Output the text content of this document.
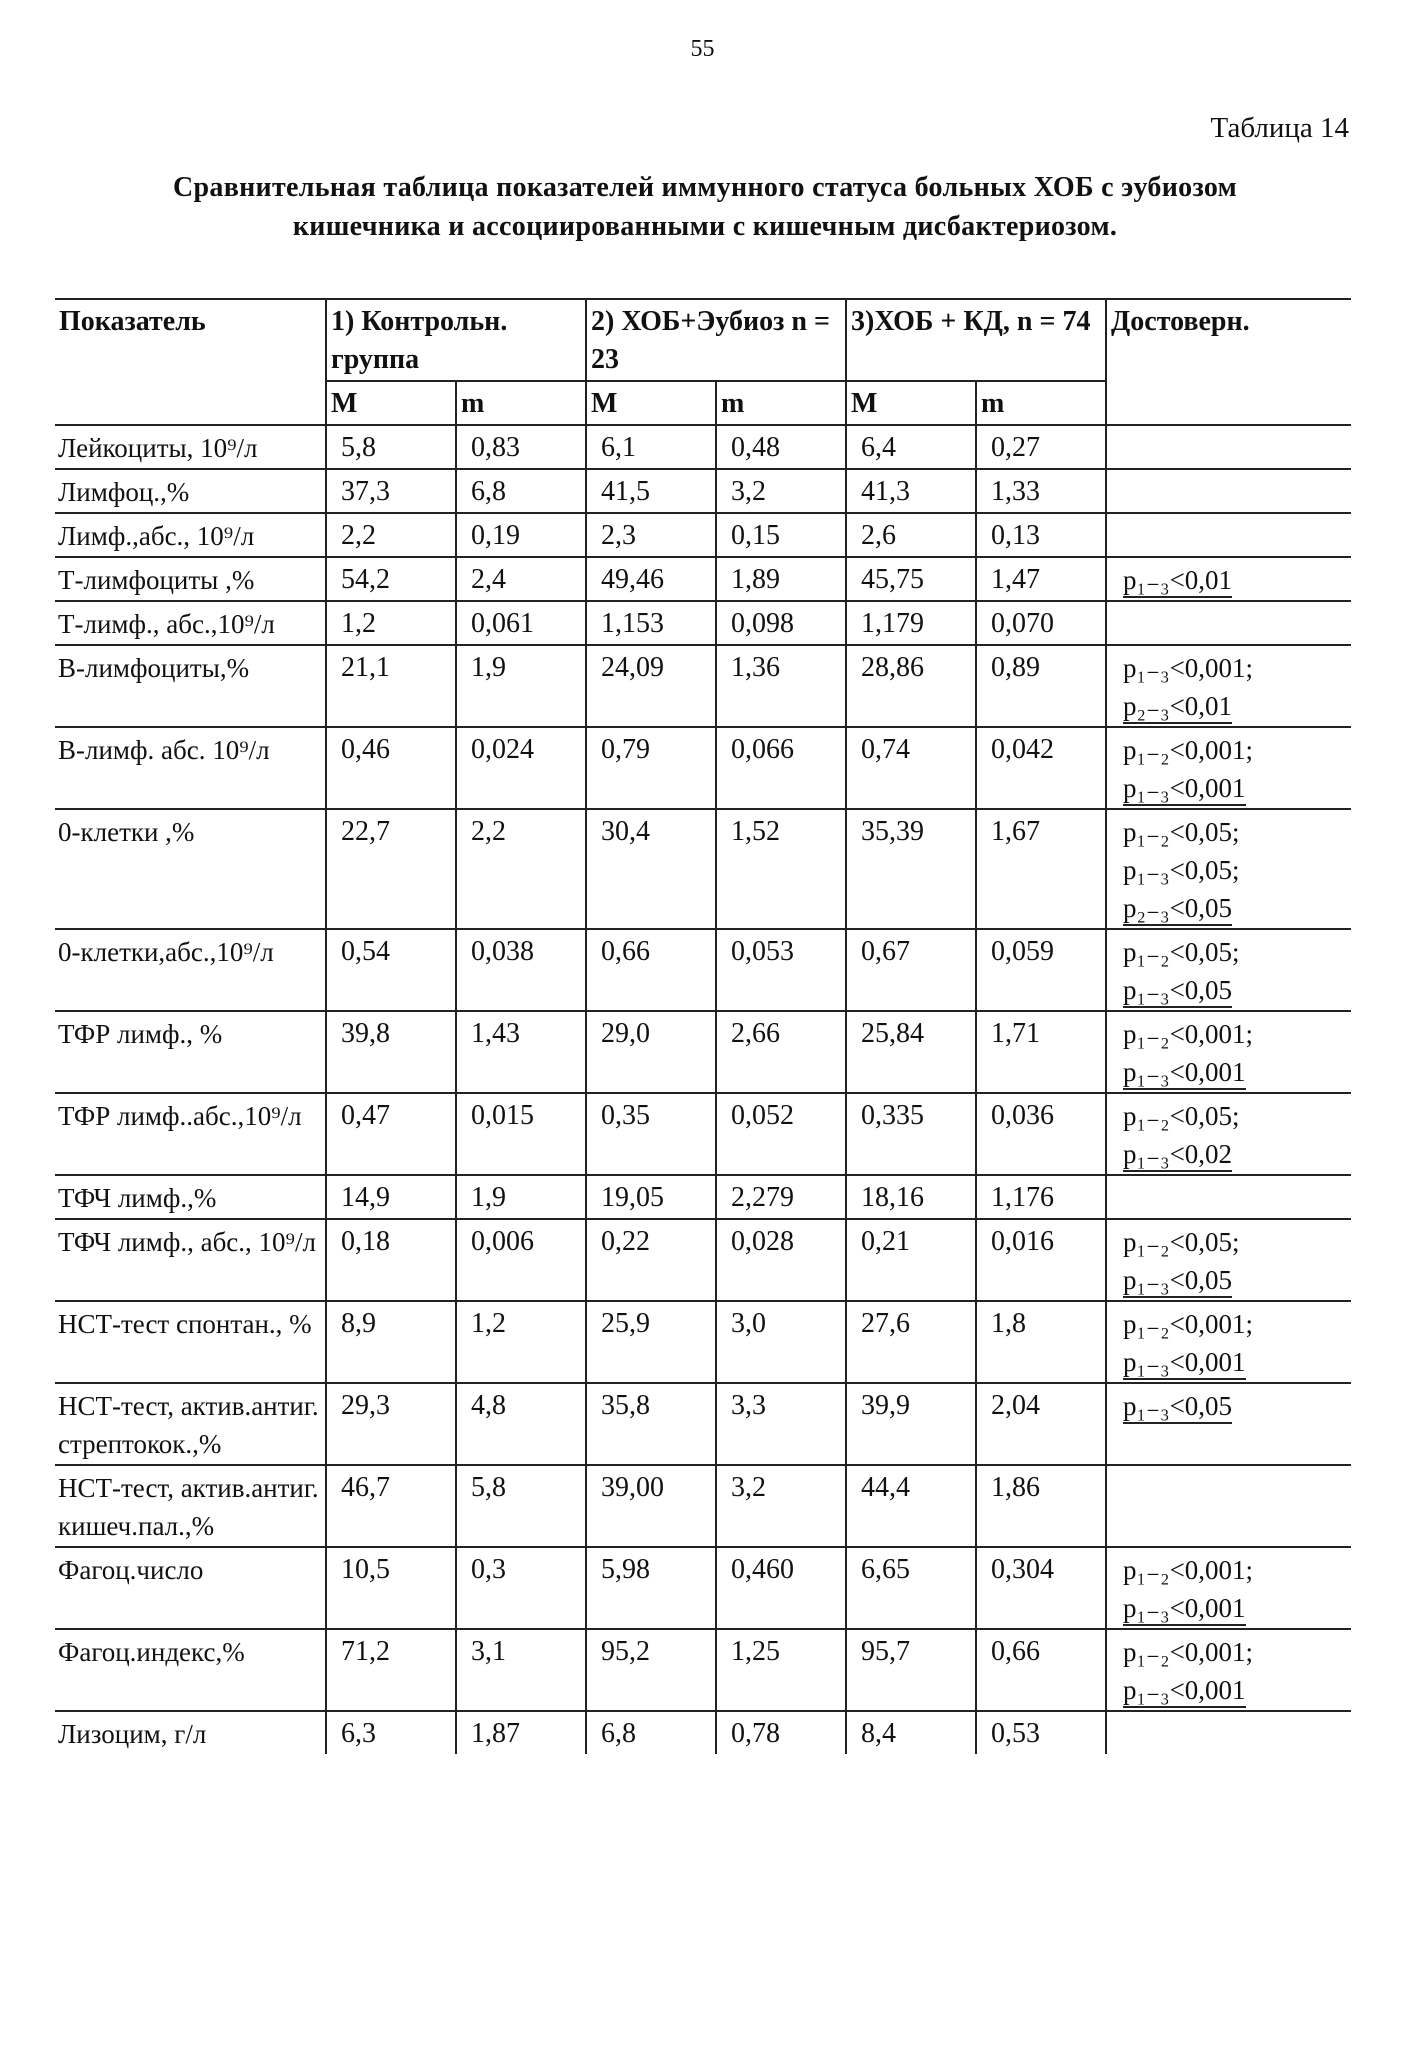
55
Таблица 14
Сравнительная таблица показателей иммунного статуса больных ХОБ с эубиозом
кишечника и ассоциированными с кишечным дисбактериозом.
Показатель	1) Контрольн. группа		2) ХОБ+Эубиоз n = 23		3)ХОБ + КД, n = 74		Достоверн.
	M	m	M	m	M	m	
Лейкоциты, 10⁹/л	5,8	0,83	6,1	0,48	6,4	0,27	
Лимфоц.,%	37,3	6,8	41,5	3,2	41,3	1,33	
Лимф.,абс., 10⁹/л	2,2	0,19	2,3	0,15	2,6	0,13	
Т-лимфоциты ,%	54,2	2,4	49,46	1,89	45,75	1,47	p₁₋₃<0,01

Т-лимф., абс.,10⁹/л	1,2	0,061	1,153	0,098	1,179	0,070	
В-лимфоциты,%	21,1	1,9	24,09	1,36	28,86	0,89	p₁₋₃<0,001;
p₂₋₃<0,01

В-лимф. абс. 10⁹/л	0,46	0,024	0,79	0,066	0,74	0,042	p₁₋₂<0,001;
p₁₋₃<0,001

0-клетки ,%	22,7	2,2	30,4	1,52	35,39	1,67	p₁₋₂<0,05;
p₁₋₃<0,05;
p₂₋₃<0,05

0-клетки,абс.,10⁹/л	0,54	0,038	0,66	0,053	0,67	0,059	p₁₋₂<0,05;
p₁₋₃<0,05

ТФР лимф., %	39,8	1,43	29,0	2,66	25,84	1,71	p₁₋₂<0,001;
p₁₋₃<0,001

ТФР лимф..абс.,10⁹/л	0,47	0,015	0,35	0,052	0,335	0,036	p₁₋₂<0,05;
p₁₋₃<0,02

ТФЧ лимф.,%	14,9	1,9	19,05	2,279	18,16	1,176	
ТФЧ лимф., абс., 10⁹/л	0,18	0,006	0,22	0,028	0,21	0,016	p₁₋₂<0,05;
p₁₋₃<0,05

НСТ-тест спонтан., %	8,9	1,2	25,9	3,0	27,6	1,8	p₁₋₂<0,001;
p₁₋₃<0,001

НСТ-тест, актив.антиг. стрептокок.,%	29,3	4,8	35,8	3,3	39,9	2,04	p₁₋₃<0,05

НСТ-тест, актив.антиг. кишеч.пал.,%	46,7	5,8	39,00	3,2	44,4	1,86	
Фагоц.число	10,5	0,3	5,98	0,460	6,65	0,304	p₁₋₂<0,001;
p₁₋₃<0,001

Фагоц.индекс,%	71,2	3,1	95,2	1,25	95,7	0,66	p₁₋₂<0,001;
p₁₋₃<0,001

Лизоцим, г/л	6,3	1,87	6,8	0,78	8,4	0,53	
